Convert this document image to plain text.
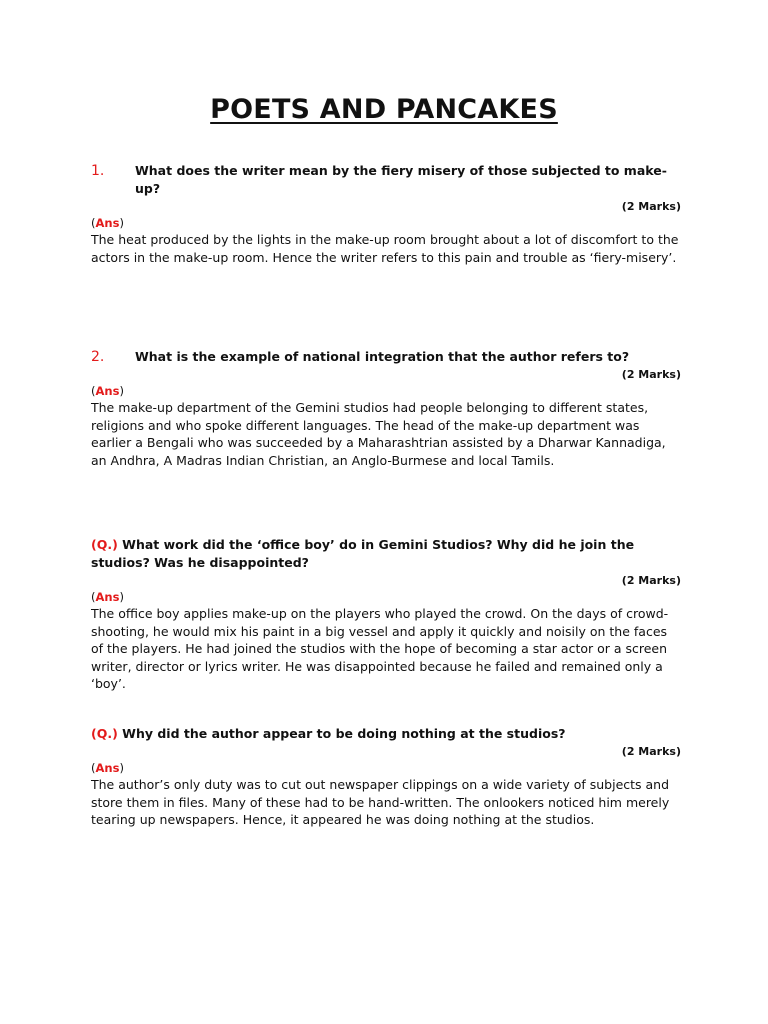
POETS AND PANCAKES
1. What does the writer mean by the fiery misery of those subjected to make-up?
(2 Marks)
(Ans)
The heat produced by the lights in the make-up room brought about a lot of discomfort to the actors in the make-up room. Hence the writer refers to this pain and trouble as ‘fiery-misery’.
2. What is the example of national integration that the author refers to?
(2 Marks)
(Ans)
The make-up department of the Gemini studios had people belonging to different states, religions and who spoke different languages. The head of the make-up department was earlier a Bengali who was succeeded by a Maharashtrian assisted by a Dharwar Kannadiga, an Andhra, A Madras Indian Christian, an Anglo-Burmese and local Tamils.
(Q.) What work did the ‘office boy’ do in Gemini Studios? Why did he join the studios? Was he disappointed?
(2 Marks)
(Ans)
The office boy applies make-up on the players who played the crowd. On the days of crowd-shooting, he would mix his paint in a big vessel and apply it quickly and noisily on the faces of the players. He had joined the studios with the hope of becoming a star actor or a screen writer, director or lyrics writer. He was disappointed because he failed and remained only a ‘boy’.
(Q.) Why did the author appear to be doing nothing at the studios?
(2 Marks)
(Ans)
The author’s only duty was to cut out newspaper clippings on a wide variety of subjects and store them in files. Many of these had to be hand-written. The onlookers noticed him merely tearing up newspapers. Hence, it appeared he was doing nothing at the studios.
